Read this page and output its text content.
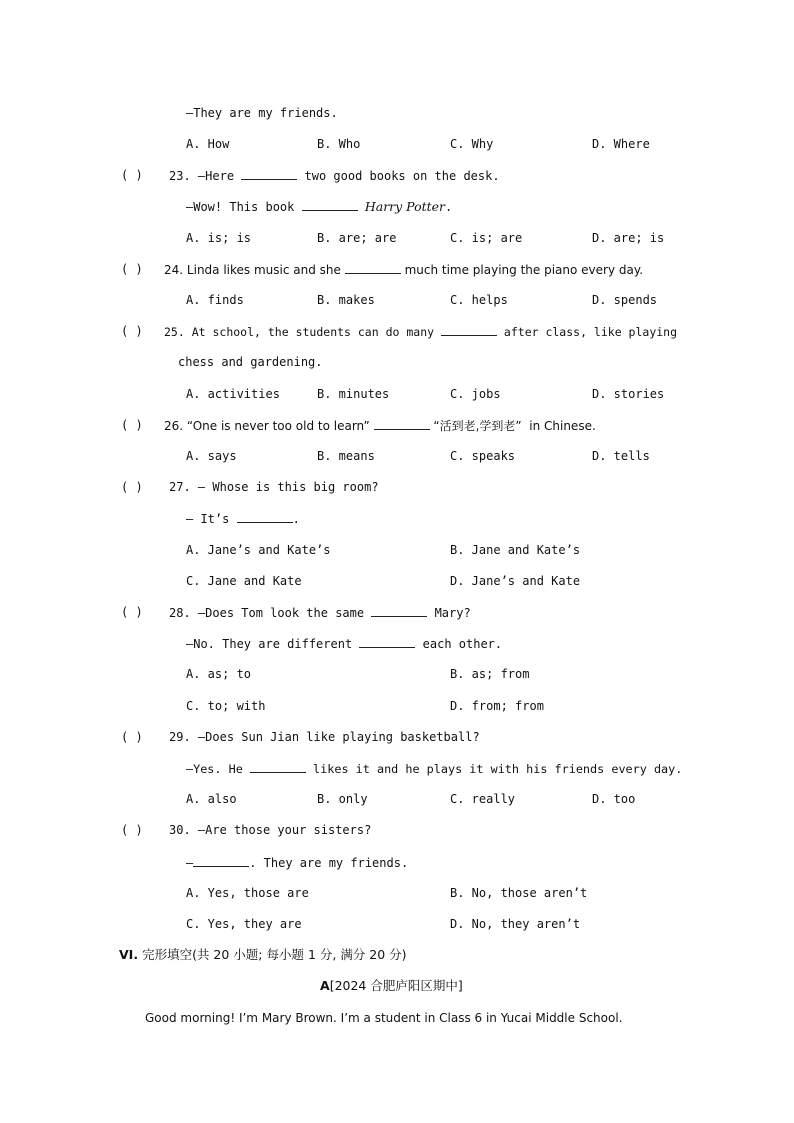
—They are my friends.
A. How	B. Who	C. Why	D. Where
( ) 23. —Here	two good books on the desk.
—Wow! This book	Harry Potter.
A. is; is	B. are; are	C. is; are	D. are; is
( ) 24. Linda likes music and she	much time playing the piano every day.
A. finds	B. makes	C. helps	D. spends
( ) 25. At school, the students can do many	after class, like playing
chess and gardening.
A. activities	B. minutes	C. jobs	D. stories
( ) 26. “One is never too old to learn”	“活到老,学到老”  in Chinese.
A. says	B. means	C. speaks	D. tells
( ) 27. — Whose is this big room?
— It’s	.
A. Jane’s and Kate’s	B. Jane and Kate’s
C. Jane and Kate	D. Jane’s and Kate
( ) 28. —Does Tom look the same	Mary?
—No. They are different	each other.
A. as; to	B. as; from
C. to; with	D. from; from
( ) 29. —Does Sun Jian like playing basketball?
—Yes. He	likes it and he plays it with his friends every day.
A. also	B. only	C. really	D. too
( ) 30. —Are those your sisters?
—	. They are my friends.
A. Yes, those are	B. No, those aren’t
C. Yes, they are	D. No, they aren’t
VI. 完形填空(共 20 小题; 每小题 1 分, 满分 20 分)
A[2024 合肥庐阳区期中]
Good morning! I’m Mary Brown. I’m a student in Class 6 in Yucai Middle School.
